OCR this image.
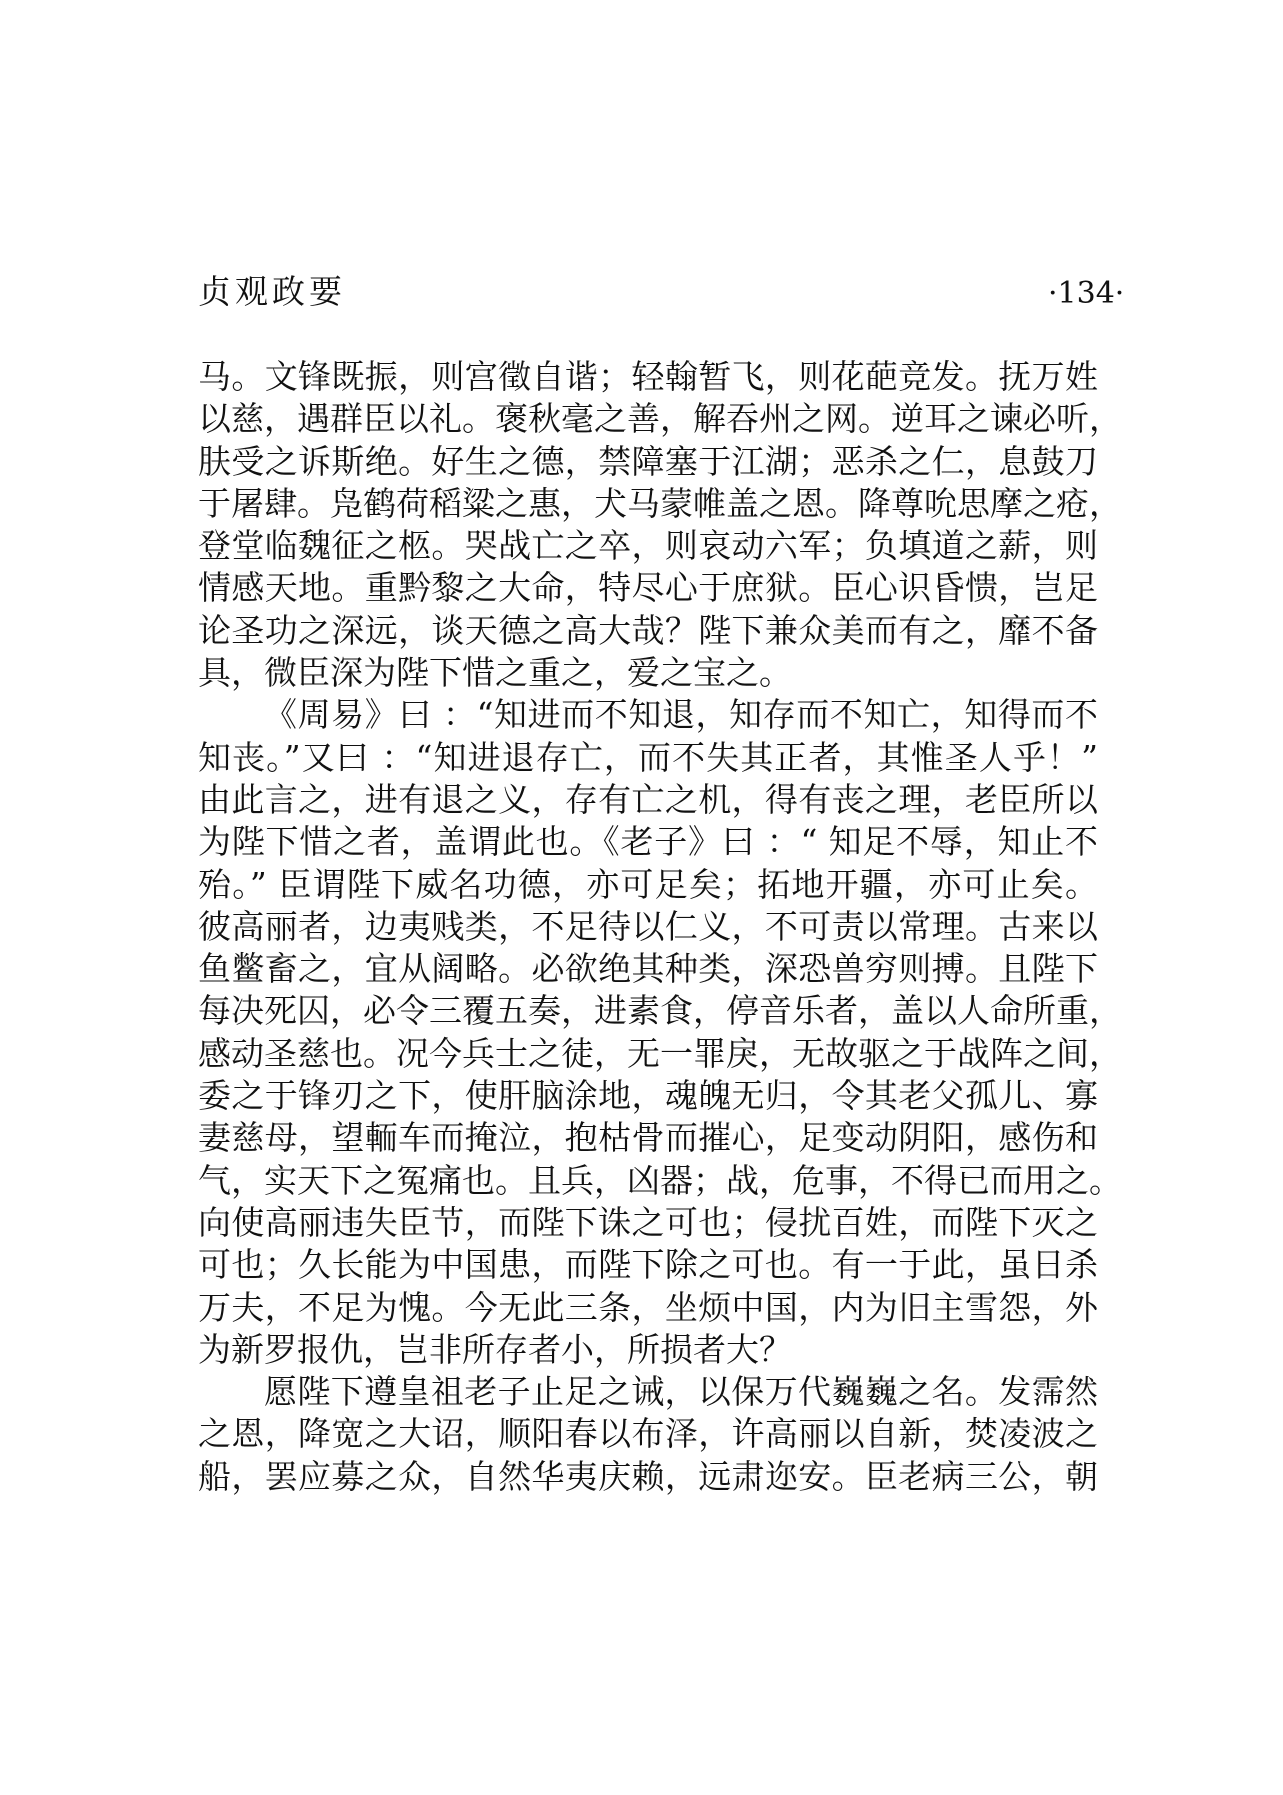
贞观政要	·134·
马。文锋既振，则宫徵自谐；轻翰暂飞，则花葩竞发。抚万姓
以慈，遇群臣以礼。褒秋毫之善，解吞州之网。逆耳之谏必听，
肤受之诉斯绝。好生之德，禁障塞于江湖；恶杀之仁，息鼓刀
于屠肆。凫鹤荷稻粱之惠，犬马蒙帷盖之恩。降尊吮思摩之疮，
登堂临魏征之柩。哭战亡之卒，则哀动六军；负填道之薪，则
情感天地。重黔黎之大命，特尽心于庶狱。臣心识昏愦，岂足
论圣功之深远，谈天德之高大哉？陛下兼众美而有之，靡不备
具，微臣深为陛下惜之重之，爱之宝之。
《周易》曰 ：“知进而不知退，知存而不知亡，知得而不
知丧。”又曰 ：“知进退存亡，而不失其正者，其惟圣人乎！”
由此言之，进有退之义，存有亡之机，得有丧之理，老臣所以
为陛下惜之者，盖谓此也。《老子》曰 ：“ 知足不辱，知止不
殆。” 臣谓陛下威名功德，亦可足矣；拓地开疆，亦可止矣。
彼高丽者，边夷贱类，不足待以仁义，不可责以常理。古来以
鱼鳖畜之，宜从阔略。必欲绝其种类，深恐兽穷则搏。且陛下
每决死囚，必令三覆五奏，进素食，停音乐者，盖以人命所重，
感动圣慈也。况今兵士之徒，无一罪戾，无故驱之于战阵之间，
委之于锋刃之下，使肝脑涂地，魂魄无归，令其老父孤儿、寡
妻慈母，望輀车而掩泣，抱枯骨而摧心，足变动阴阳，感伤和
气，实天下之冤痛也。且兵，凶器；战，危事，不得已而用之。
向使高丽违失臣节，而陛下诛之可也；侵扰百姓，而陛下灭之
可也；久长能为中国患，而陛下除之可也。有一于此，虽日杀
万夫，不足为愧。今无此三条，坐烦中国，内为旧主雪怨，外
为新罗报仇，岂非所存者小，所损者大？
愿陛下遵皇祖老子止足之诫，以保万代巍巍之名。发霈然
之恩，降宽之大诏，顺阳春以布泽，许高丽以自新，焚凌波之
船，罢应募之众，自然华夷庆赖，远肃迩安。臣老病三公，朝
